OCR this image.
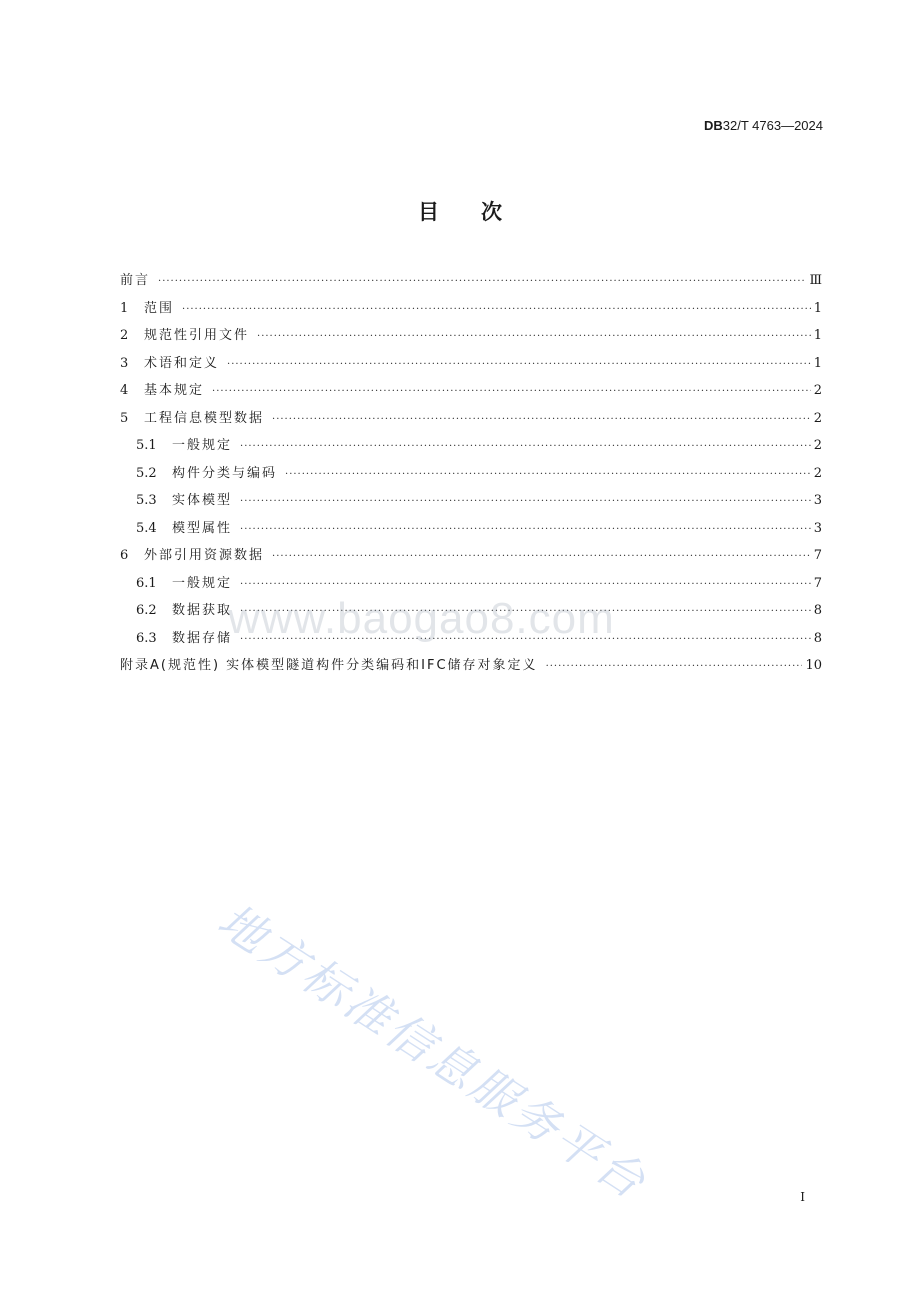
DB32/T 4763—2024
目次
前言 ·····	Ⅲ
1	范围 ·····	1
2	规范性引用文件 ·····	1
3	术语和定义 ·····	1
4	基本规定 ·····	2
5	工程信息模型数据 ·····	2
5.1	一般规定 ·····	2
5.2	构件分类与编码 ·····	2
5.3	实体模型 ·····	3
5.4	模型属性 ·····	3
6	外部引用资源数据 ·····	7
6.1	一般规定 ·····	7
6.2	数据获取 ·····	8
6.3	数据存储 ·····	8
附录A(规范性) 实体模型隧道构件分类编码和IFC储存对象定义 ·····	10
www.baogao8.com
地方标准信息服务平台	I
